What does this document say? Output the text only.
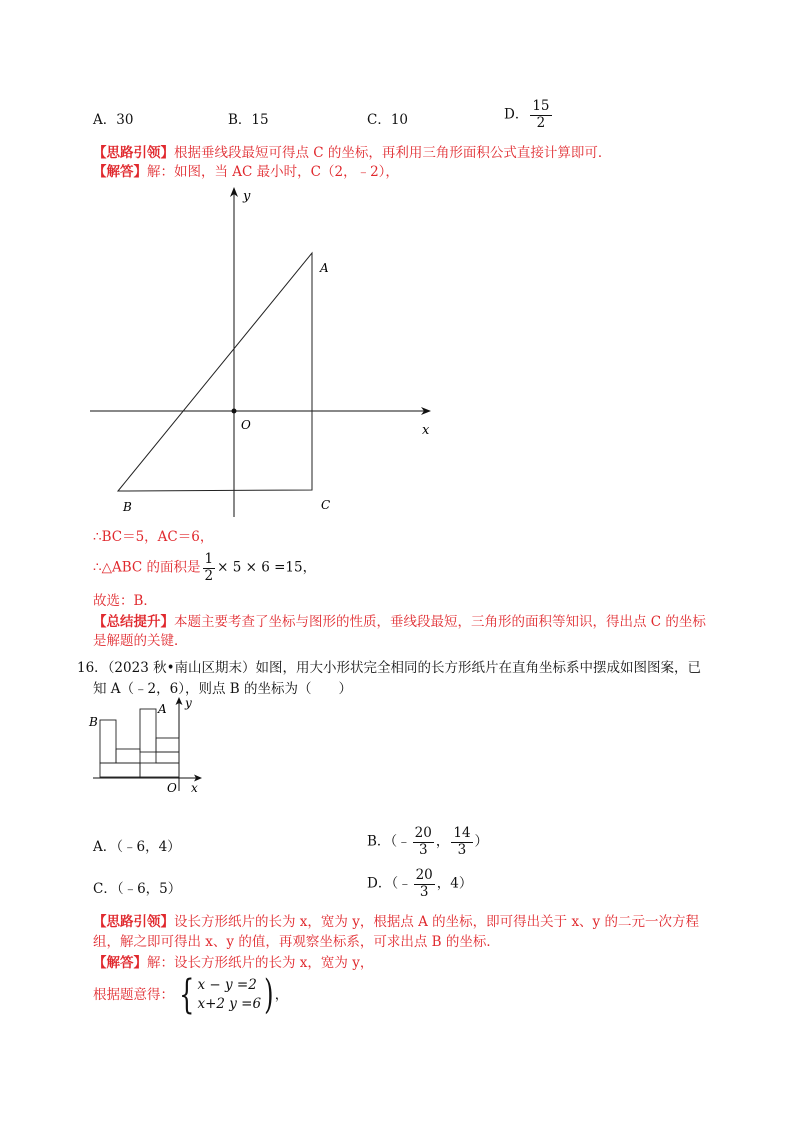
A．30	B．15	C．10	D． $\frac{15}{2}$
【思路引领】根据垂线段最短可得点 C 的坐标，再利用三角形面积公式直接计算即可．
【解答】解：如图，当 AC 最小时，C（2，﹣2），
y
x
O
A
B	C
∴BC＝5，AC＝6，
∴△ABC 的面积是 $\frac{1}{2} \times 5 \times 6 =15$，
故选：B．
【总结提升】本题主要考查了坐标与图形的性质，垂线段最短，三角形的面积等知识，得出点 C 的坐标
是解题的关键．
16．（2023 秋•南山区期末）如图，用大小形状完全相同的长方形纸片在直角坐标系中摆成如图图案，已
知 A（﹣2，6），则点 B 的坐标为（　　）
B
A y
O x
A．（﹣6，4）	B．（﹣ $\frac{20}{3}$ ， $\frac{14}{3}$ ）
C．（﹣6，5）	D．（﹣ $\frac{20}{3}$ ，4）
【思路引领】设长方形纸片的长为 x，宽为 y，根据点 A 的坐标，即可得出关于 x、y 的二元一次方程
组，解之即可得出 x、y 的值，再观察坐标系，可求出点 B 的坐标．
【解答】解：设长方形纸片的长为 x，宽为 y，
根据题意得： { x − y =2
x+2 y =6 ) ，
